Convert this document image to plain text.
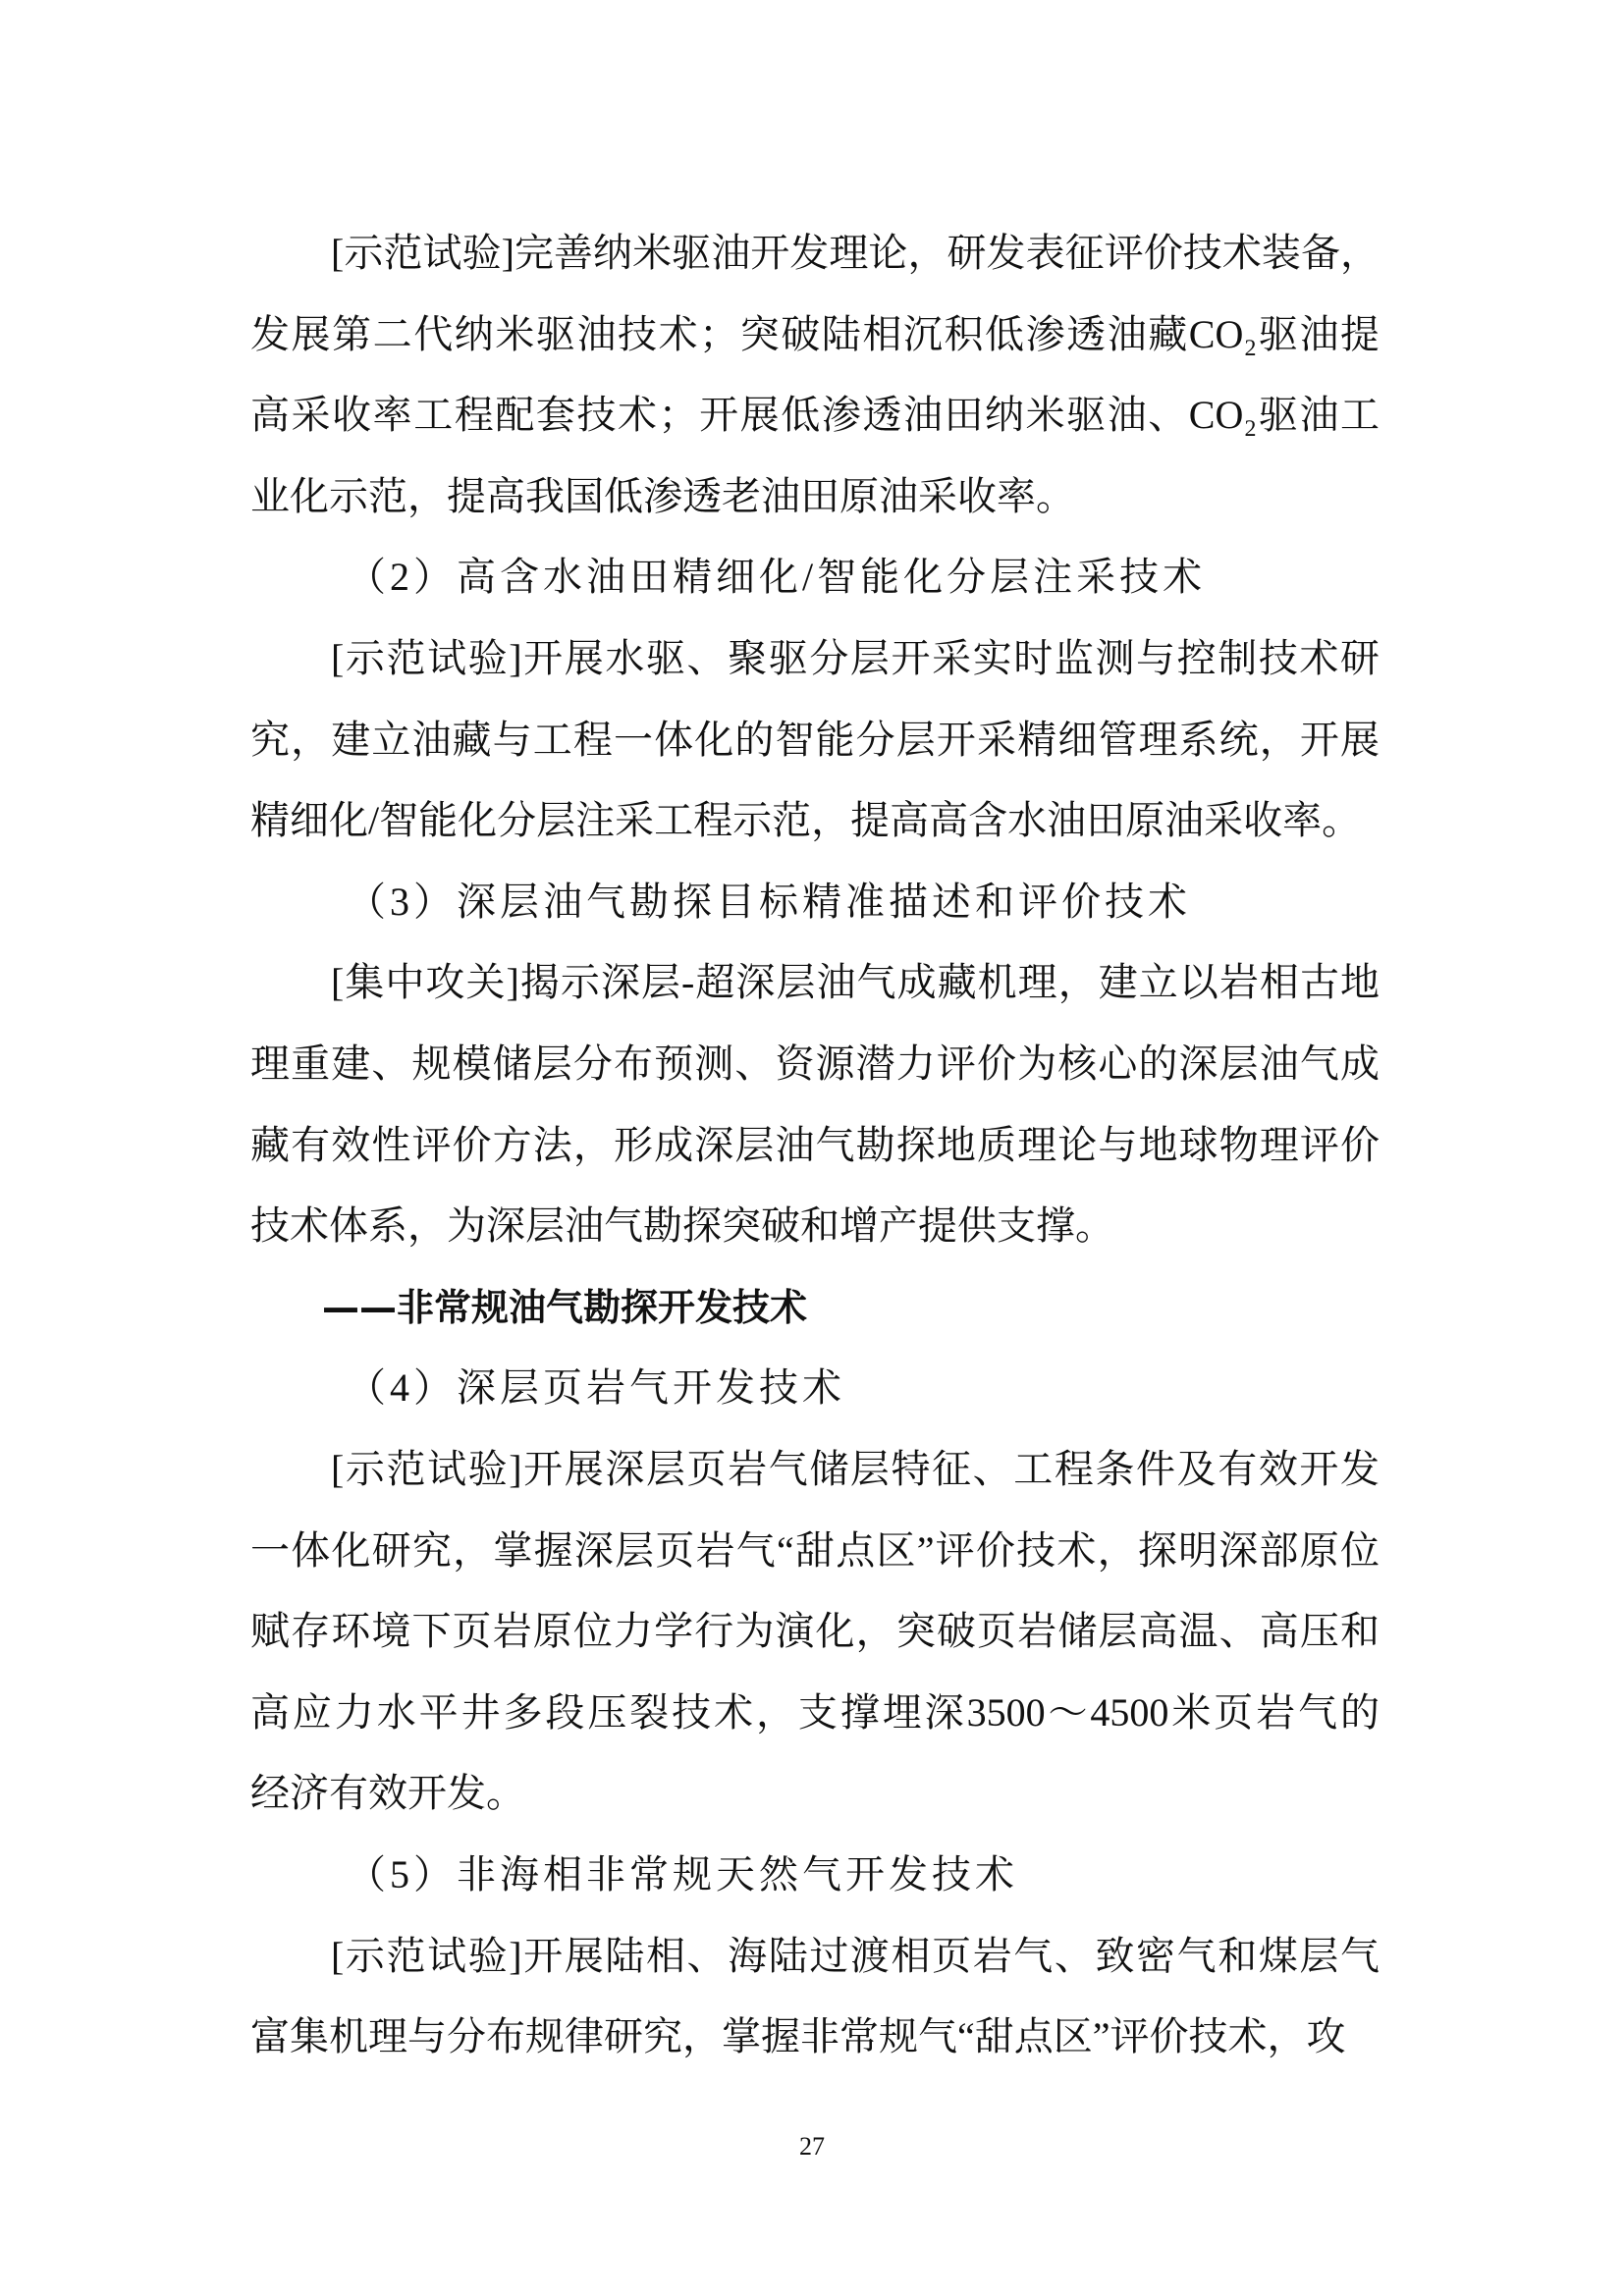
[示范试验]完善纳米驱油开发理论，研发表征评价技术装备，
发展第二代纳米驱油技术；突破陆相沉积低渗透油藏CO₂驱油提
高采收率工程配套技术；开展低渗透油田纳米驱油、CO₂驱油工
业化示范，提高我国低渗透老油田原油采收率。
（2）高含水油田精细化/智能化分层注采技术
[示范试验]开展水驱、聚驱分层开采实时监测与控制技术研
究，建立油藏与工程一体化的智能分层开采精细管理系统，开展
精细化/智能化分层注采工程示范，提高高含水油田原油采收率。
（3）深层油气勘探目标精准描述和评价技术
[集中攻关]揭示深层-超深层油气成藏机理，建立以岩相古地
理重建、规模储层分布预测、资源潜力评价为核心的深层油气成
藏有效性评价方法，形成深层油气勘探地质理论与地球物理评价
技术体系，为深层油气勘探突破和增产提供支撑。
——非常规油气勘探开发技术
（4）深层页岩气开发技术
[示范试验]开展深层页岩气储层特征、工程条件及有效开发
一体化研究，掌握深层页岩气“甜点区”评价技术，探明深部原位
赋存环境下页岩原位力学行为演化，突破页岩储层高温、高压和
高应力水平井多段压裂技术，支撑埋深3500～4500米页岩气的
经济有效开发。
（5）非海相非常规天然气开发技术
[示范试验]开展陆相、海陆过渡相页岩气、致密气和煤层气
富集机理与分布规律研究，掌握非常规气“甜点区”评价技术，攻
27
